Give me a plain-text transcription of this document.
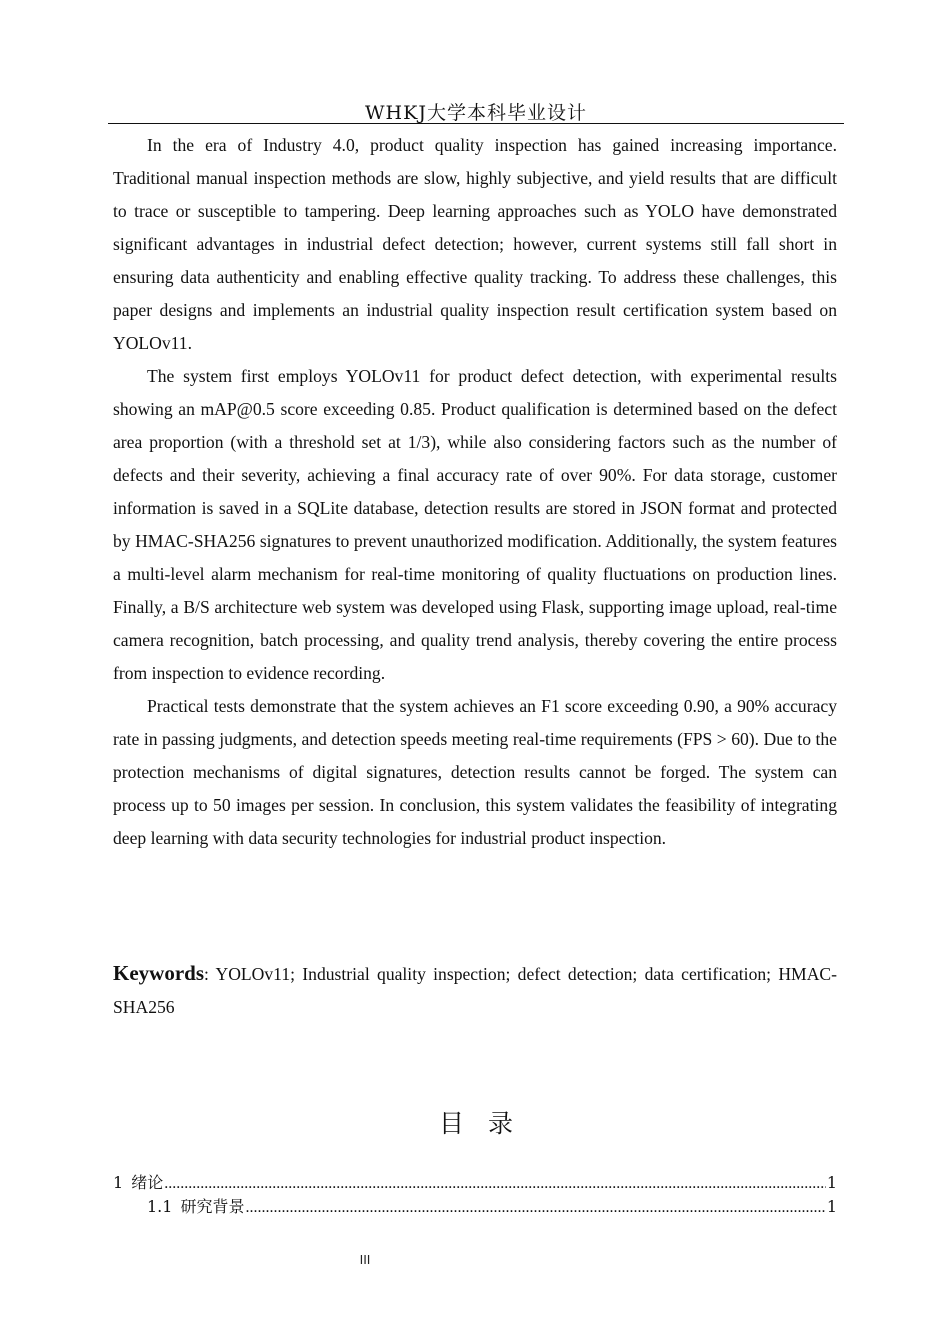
WHKJ大学本科毕业设计

In the era of Industry 4.0, product quality inspection has gained increasing importance. Traditional manual inspection methods are slow, highly subjective, and yield results that are difficult to trace or susceptible to tampering. Deep learning approaches such as YOLO have demonstrated significant advantages in industrial defect detection; however, current systems still fall short in ensuring data authenticity and enabling effective quality tracking. To address these challenges, this paper designs and implements an industrial quality inspection result certification system based on YOLOv11.

The system first employs YOLOv11 for product defect detection, with experimental results showing an mAP@0.5 score exceeding 0.85. Product qualification is determined based on the defect area proportion (with a threshold set at 1/3), while also considering factors such as the number of defects and their severity, achieving a final accuracy rate of over 90%. For data storage, customer information is saved in a SQLite database, detection results are stored in JSON format and protected by HMAC-SHA256 signatures to prevent unauthorized modification. Additionally, the system features a multi-level alarm mechanism for real-time monitoring of quality fluctuations on production lines. Finally, a B/S architecture web system was developed using Flask, supporting image upload, real-time camera recognition, batch processing, and quality trend analysis, thereby covering the entire process from inspection to evidence recording.

Practical tests demonstrate that the system achieves an F1 score exceeding 0.90, a 90% accuracy rate in passing judgments, and detection speeds meeting real-time requirements (FPS > 60). Due to the protection mechanisms of digital signatures, detection results cannot be forged. The system can process up to 50 images per session. In conclusion, this system validates the feasibility of integrating deep learning with data security technologies for industrial product inspection.

Keywords: YOLOv11; Industrial quality inspection; defect detection; data certification; HMAC-SHA256
目录
1 绪论 .....	1
1.1 研究背景 .....	1
III
